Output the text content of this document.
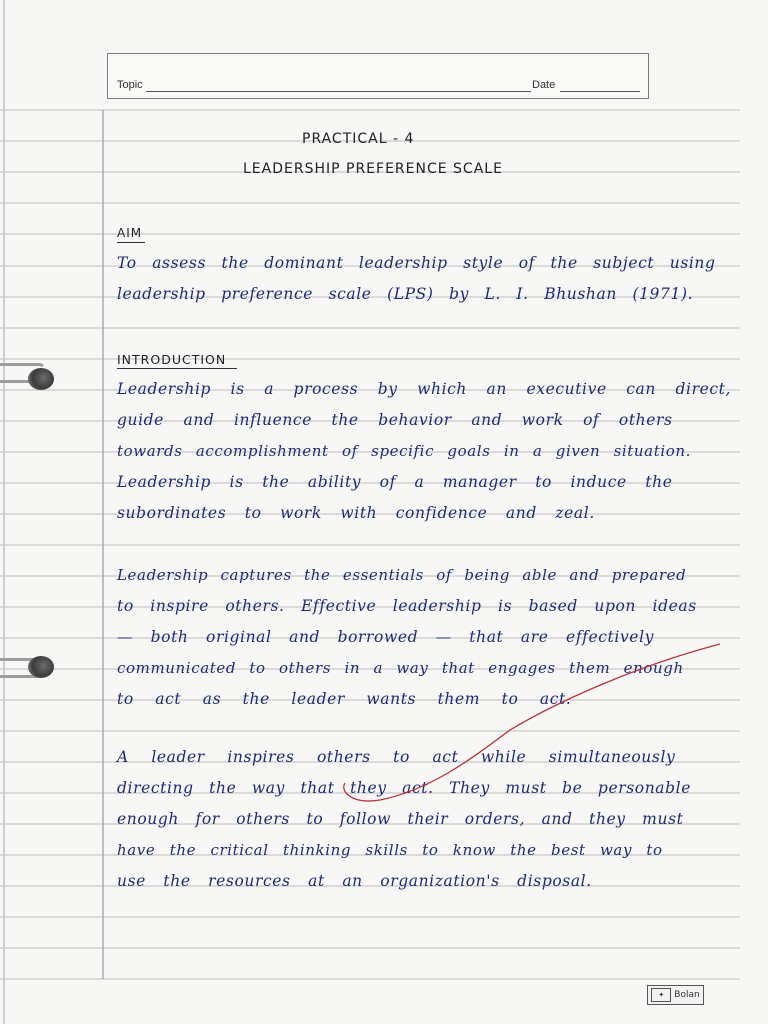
Topic	Date
PRACTICAL - 4
LEADERSHIP PREFERENCE SCALE
AIM
To assess the dominant leadership style of the subject using
leadership preference scale (LPS) by L. I. Bhushan (1971).
INTRODUCTION
Leadership is a process by which an executive can direct,
guide and influence the behavior and work of others
towards accomplishment of specific goals in a given situation.
Leadership is the ability of a manager to induce the
subordinates to work with confidence and zeal.
Leadership captures the essentials of being able and prepared
to inspire others. Effective leadership is based upon ideas
— both original and borrowed — that are effectively
communicated to others in a way that engages them enough
to act as the leader wants them to act.
A leader inspires others to act while simultaneously
directing the way that they act. They must be personable
enough for others to follow their orders, and they must
have the critical thinking skills to know the best way to
use the resources at an organization's disposal.
✦	Bolan
